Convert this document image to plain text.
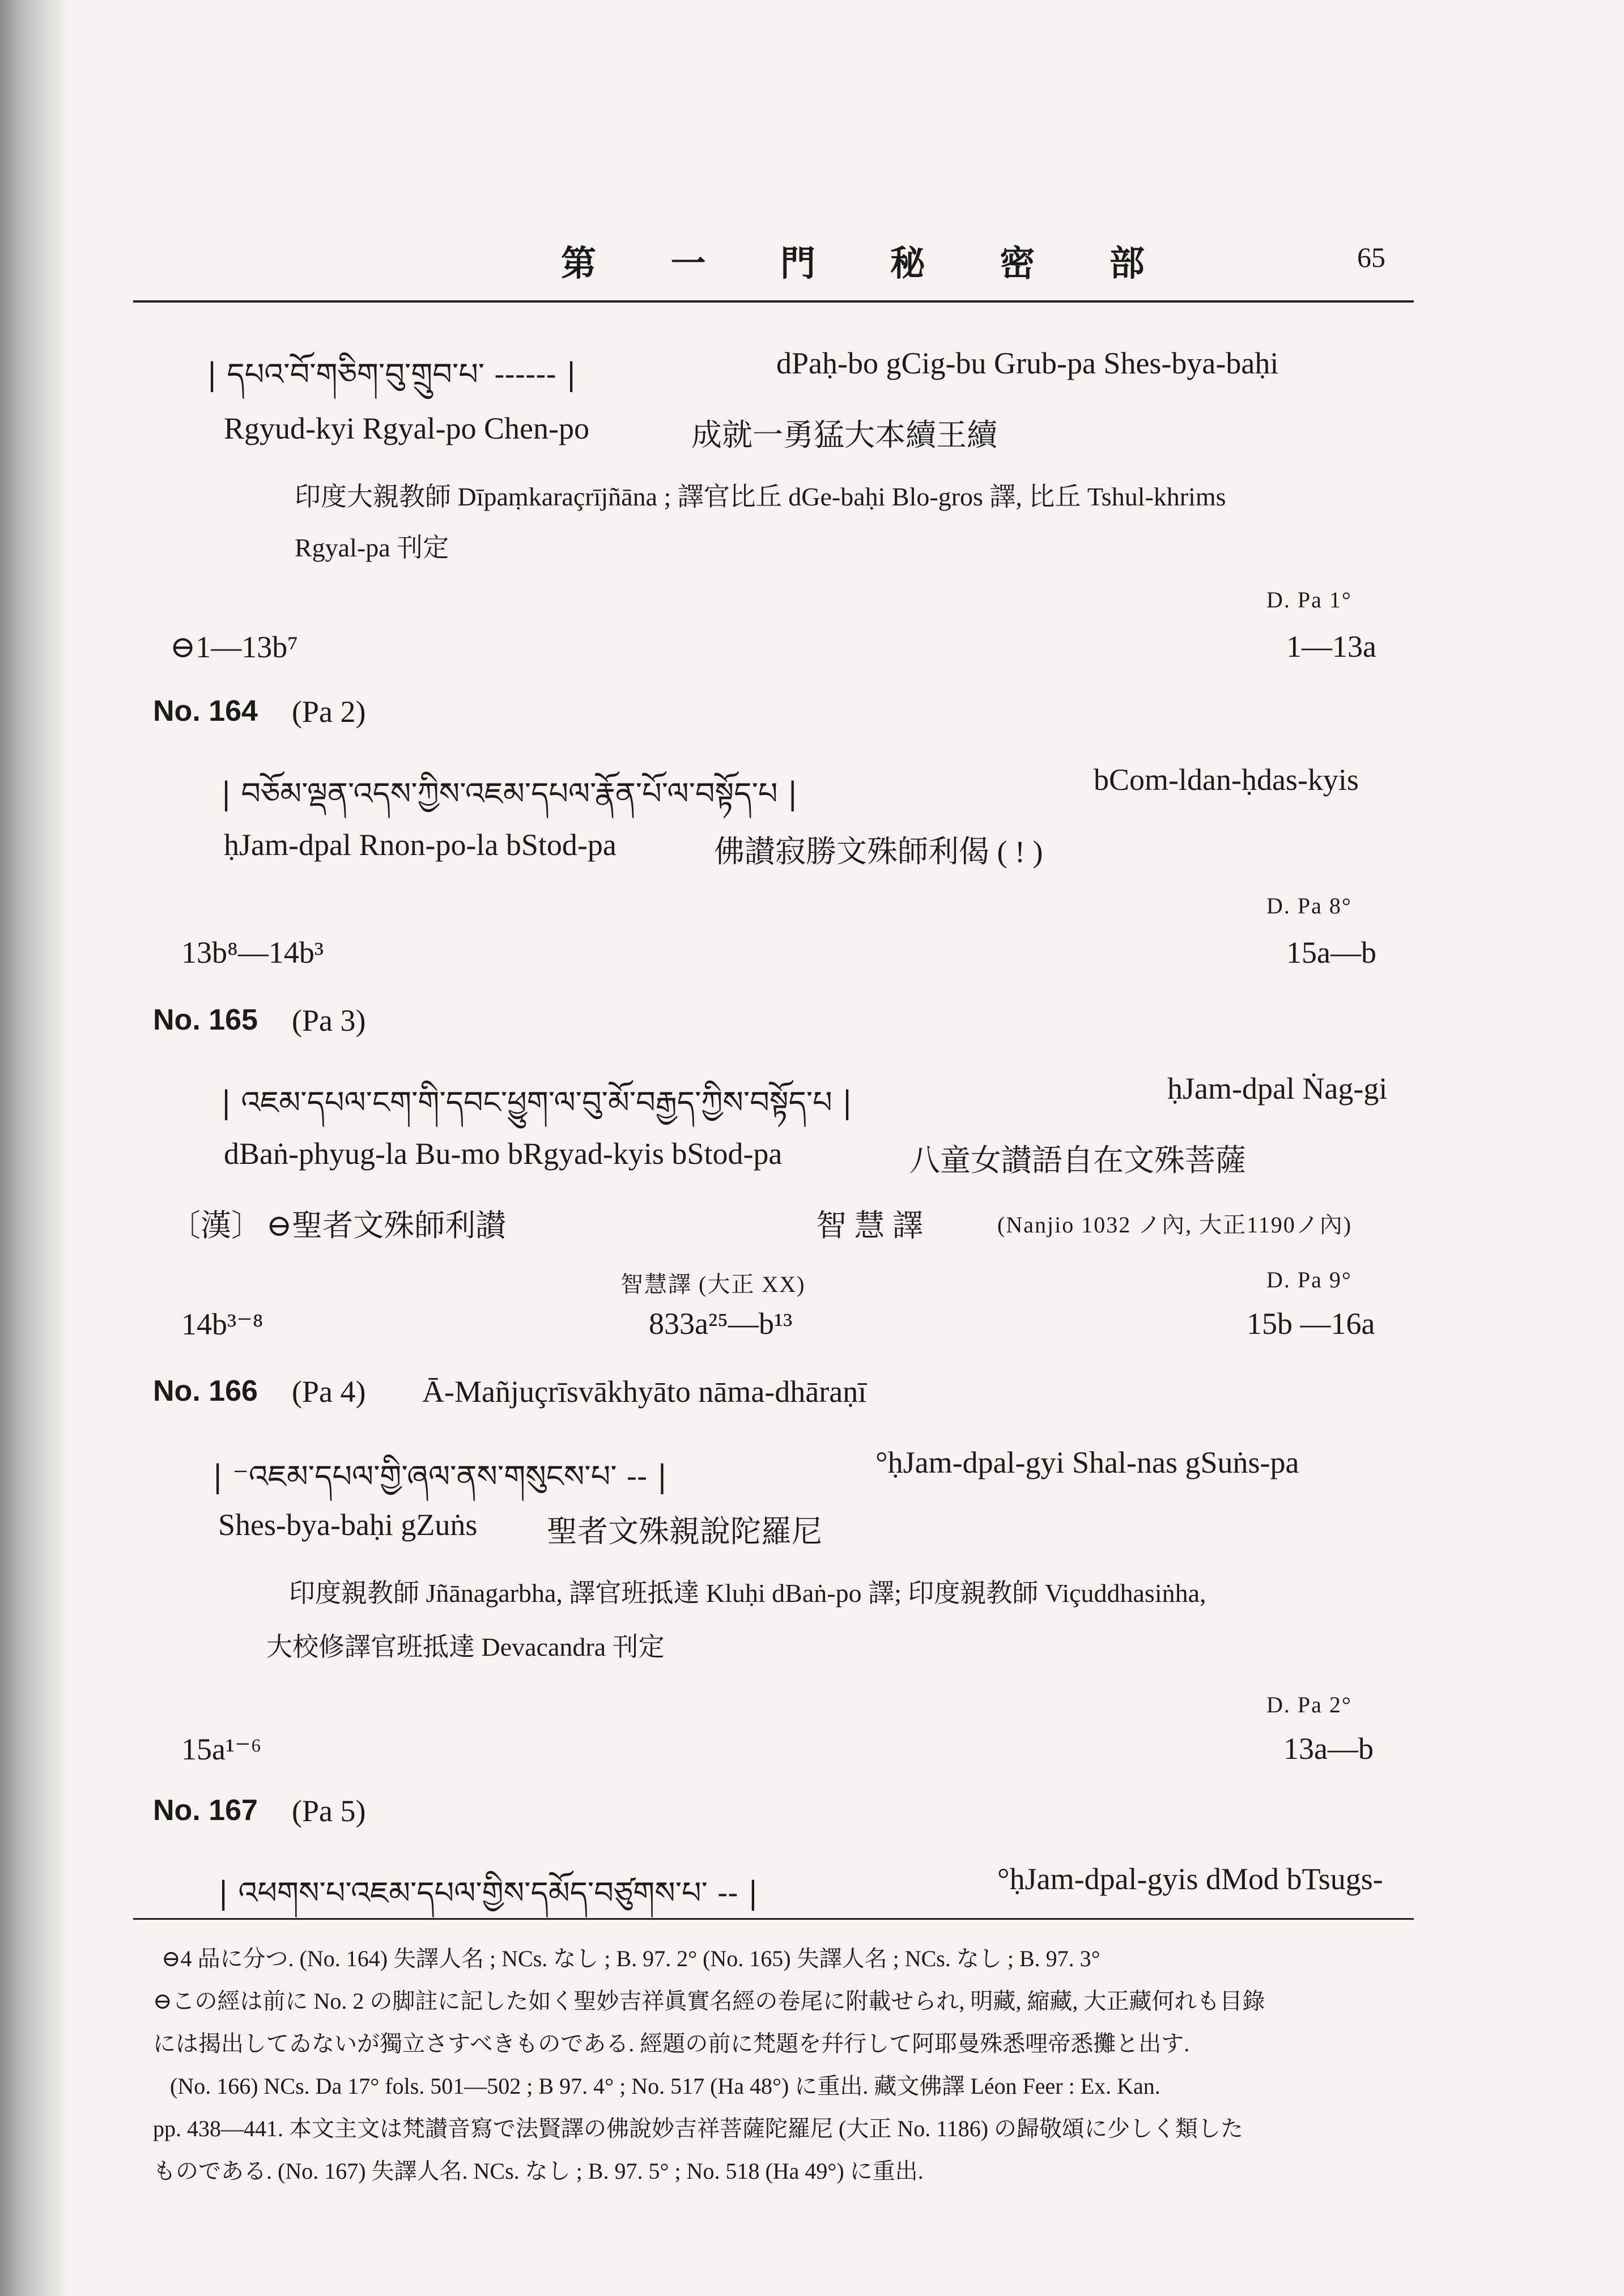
第 一 門 秘 密 部	65
| དཔའ་བོ་གཅིག་བུ་གྲུབ་པ་ ------ |	dPaḥ-bo gCig-bu Grub-pa Shes-bya-baḥi
Rgyud-kyi Rgyal-po Chen-po	成就一勇猛大本續王續
印度大親教師 Dīpaṃkaraçrījñāna ; 譯官比丘 dGe-baḥi Blo-gros 譯, 比丘 Tshul-khrims
Rgyal-pa 刊定
D. Pa 1°
⊖1—13b⁷	1—13a
No. 164 (Pa 2)
| བཅོམ་ལྡན་འདས་ཀྱིས་འཇམ་དཔལ་རྣོན་པོ་ལ་བསྟོད་པ |	bCom-ldan-ḥdas-kyis
ḥJam-dpal Rnon-po-la bStod-pa	佛讃寂勝文殊師利偈 ( ! )
D. Pa 8°
13b⁸—14b³	15a—b
No. 165 (Pa 3)
| འཇམ་དཔལ་ངག་གི་དབང་ཕྱུག་ལ་བུ་མོ་བརྒྱད་ཀྱིས་བསྟོད་པ |	ḥJam-dpal Ṅag-gi
dBaṅ-phyug-la Bu-mo bRgyad-kyis bStod-pa	八童女讃語自在文殊菩薩
〔漢〕 ⊖聖者文殊師利讃	智 慧 譯	(Nanjio 1032 ノ內, 大正1190ノ內)
智慧譯 (大正 XX)	D. Pa 9°
14b³⁻⁸	833a²⁵—b¹³	15b —16a
No. 166 (Pa 4) Ā-Mañjuçrīsvākhyāto nāma-dhāraṇī
| ⁻འཇམ་དཔལ་གྱི་ཞལ་ནས་གསུངས་པ་ -- |	°ḥJam-dpal-gyi Shal-nas gSuṅs-pa
Shes-bya-baḥi gZuṅs 聖者文殊親說陀羅尼
印度親教師 Jñānagarbha, 譯官班抵達 Kluḥi dBaṅ-po 譯; 印度親教師 Viçuddhasiṅha,
大校修譯官班抵達 Devacandra 刊定
D. Pa 2°
15a¹⁻⁶	13a—b
No. 167 (Pa 5)
| འཕགས་པ་འཇམ་དཔལ་གྱིས་དམོད་བཙུགས་པ་ -- |	°ḥJam-dpal-gyis dMod bTsugs-
⊖4 品に分つ. (No. 164) 失譯人名 ; NCs. なし ; B. 97. 2° (No. 165) 失譯人名 ; NCs. なし ; B. 97. 3°
⊖この經は前に No. 2 の脚註に記した如く聖妙吉祥眞實名經の卷尾に附載せられ, 明藏, 縮藏, 大正藏何れも目錄
には揭出してゐないが獨立さすべきものである. 經題の前に梵題を幷行して阿耶曼殊悉哩帝悉攤と出す.
(No. 166) NCs. Da 17° fols. 501—502 ; B 97. 4° ; No. 517 (Ha 48°) に重出. 藏文佛譯 Léon Feer : Ex. Kan.
pp. 438—441. 本文主文は梵讃音寫で法賢譯の佛說妙吉祥菩薩陀羅尼 (大正 No. 1186) の歸敬頌に少しく類した
ものである. (No. 167) 失譯人名. NCs. なし ; B. 97. 5° ; No. 518 (Ha 49°) に重出.
